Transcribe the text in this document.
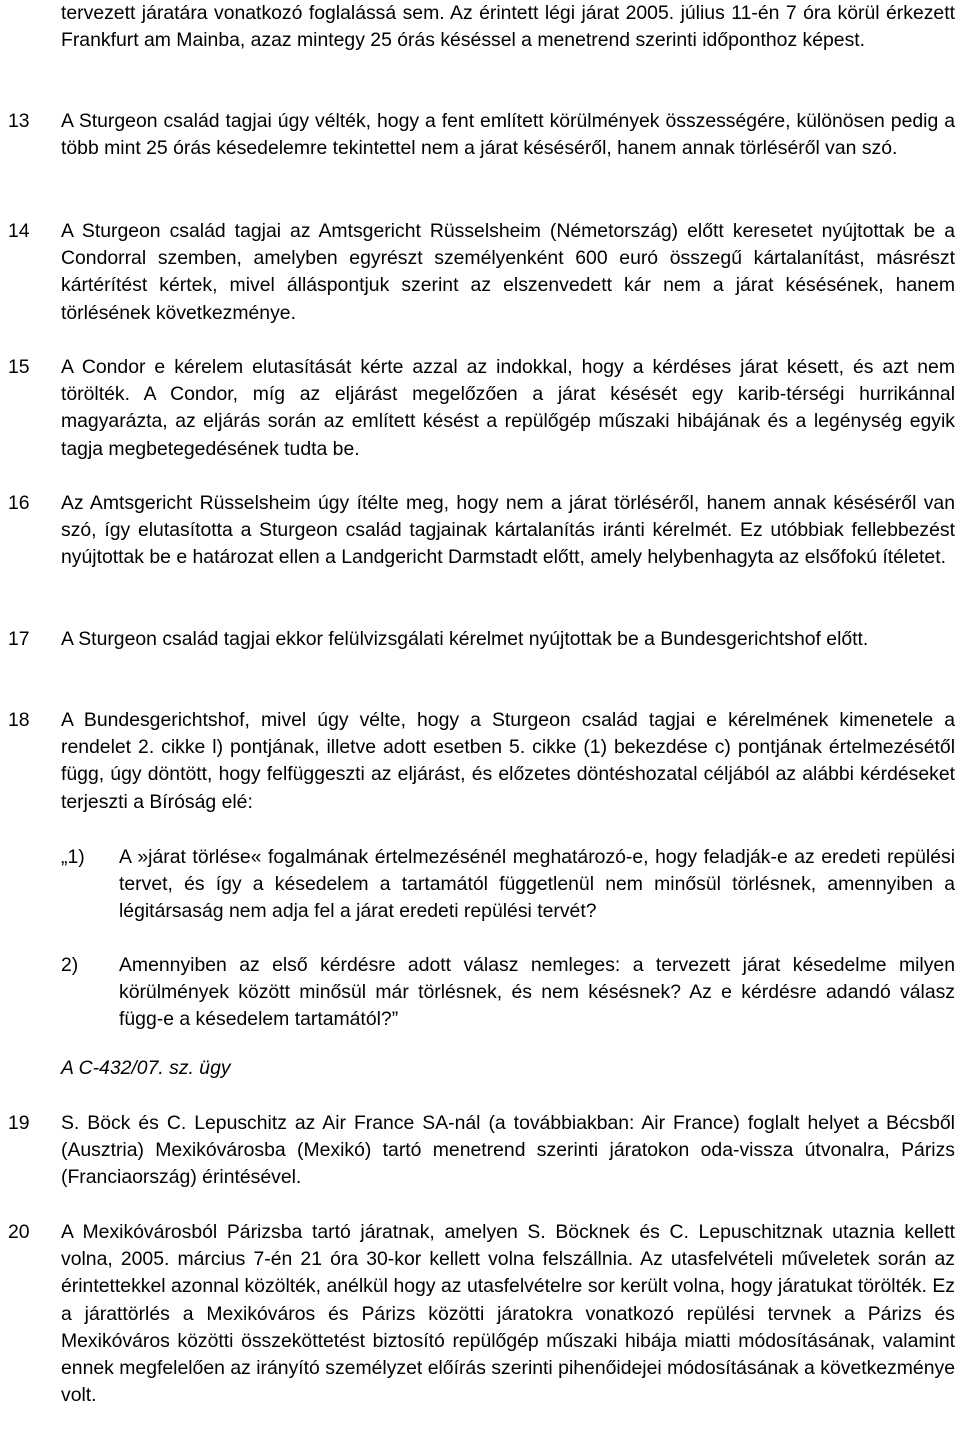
tervezett járatára vonatkozó foglalássá sem. Az érintett légi járat 2005. július 11-én 7 óra körül érkezett Frankfurt am Mainba, azaz mintegy 25 órás késéssel a menetrend szerinti időponthoz képest.
13	A Sturgeon család tagjai úgy vélték, hogy a fent említett körülmények összességére, különösen pedig a több mint 25 órás késedelemre tekintettel nem a járat késéséről, hanem annak törléséről van szó.
14	A Sturgeon család tagjai az Amtsgericht Rüsselsheim (Németország) előtt keresetet nyújtottak be a Condorral szemben, amelyben egyrészt személyenként 600 euró összegű kártalanítást, másrészt kártérítést kértek, mivel álláspontjuk szerint az elszenvedett kár nem a járat késésének, hanem törlésének következménye.
15	A Condor e kérelem elutasítását kérte azzal az indokkal, hogy a kérdéses járat késett, és azt nem törölték. A Condor, míg az eljárást megelőzően a járat késését egy karib-térségi hurrikánnal magyarázta, az eljárás során az említett késést a repülőgép műszaki hibájának és a legénység egyik tagja megbetegedésének tudta be.
16	Az Amtsgericht Rüsselsheim úgy ítélte meg, hogy nem a járat törléséről, hanem annak késéséről van szó, így elutasította a Sturgeon család tagjainak kártalanítás iránti kérelmét. Ez utóbbiak fellebbezést nyújtottak be e határozat ellen a Landgericht Darmstadt előtt, amely helybenhagyta az elsőfokú ítéletet.
17	A Sturgeon család tagjai ekkor felülvizsgálati kérelmet nyújtottak be a Bundesgerichtshof előtt.
18	A Bundesgerichtshof, mivel úgy vélte, hogy a Sturgeon család tagjai e kérelmének kimenetele a rendelet 2. cikke l) pontjának, illetve adott esetben 5. cikke (1) bekezdése c) pontjának értelmezésétől függ, úgy döntött, hogy felfüggeszti az eljárást, és előzetes döntéshozatal céljából az alábbi kérdéseket terjeszti a Bíróság elé:
„1)	A »járat törlése« fogalmának értelmezésénél meghatározó-e, hogy feladják-e az eredeti repülési tervet, és így a késedelem a tartamától függetlenül nem minősül törlésnek, amennyiben a légitársaság nem adja fel a járat eredeti repülési tervét?
2)	Amennyiben az első kérdésre adott válasz nemleges: a tervezett járat késedelme milyen körülmények között minősül már törlésnek, és nem késésnek? Az e kérdésre adandó válasz függ-e a késedelem tartamától?”
A C-432/07. sz. ügy
19	S. Böck és C. Lepuschitz az Air France SA-nál (a továbbiakban: Air France) foglalt helyet a Bécsből (Ausztria) Mexikóvárosba (Mexikó) tartó menetrend szerinti járatokon oda-vissza útvonalra, Párizs (Franciaország) érintésével.
20	A Mexikóvárosból Párizsba tartó járatnak, amelyen S. Böcknek és C. Lepuschitznak utaznia kellett volna, 2005. március 7-én 21 óra 30-kor kellett volna felszállnia. Az utasfelvételi műveletek során az érintettekkel azonnal közölték, anélkül hogy az utasfelvételre sor került volna, hogy járatukat törölték. Ez a járattörlés a Mexikóváros és Párizs közötti járatokra vonatkozó repülési tervnek a Párizs és Mexikóváros közötti összeköttetést biztosító repülőgép műszaki hibája miatti módosításának, valamint ennek megfelelően az irányító személyzet előírás szerinti pihenőidejei módosításának a következménye volt.
